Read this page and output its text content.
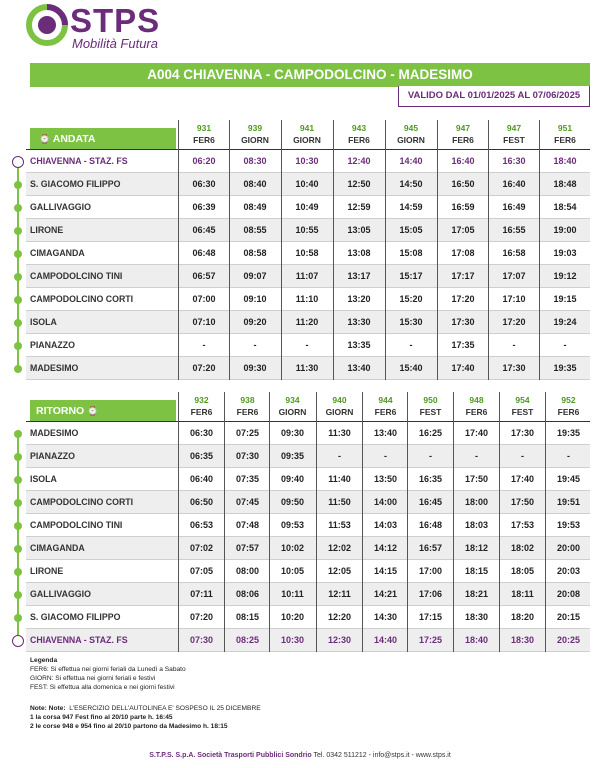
STPS
Mobilità Futura
A004 CHIAVENNA - CAMPODOLCINO - MADESIMO
VALIDO DAL 01/01/2025 AL 07/06/2025
⌚ ANDATA
931
FER6
939
GIORN
941
GIORN
943
FER6
945
GIORN
947
FER6
947
FEST
951
FER6
CHIAVENNA - STAZ. FS	06:20	08:30	10:30	12:40	14:40	16:40	16:30	18:40
S. GIACOMO FILIPPO	06:30	08:40	10:40	12:50	14:50	16:50	16:40	18:48
GALLIVAGGIO	06:39	08:49	10:49	12:59	14:59	16:59	16:49	18:54
LIRONE	06:45	08:55	10:55	13:05	15:05	17:05	16:55	19:00
CIMAGANDA	06:48	08:58	10:58	13:08	15:08	17:08	16:58	19:03
CAMPODOLCINO TINI	06:57	09:07	11:07	13:17	15:17	17:17	17:07	19:12
CAMPODOLCINO CORTI	07:00	09:10	11:10	13:20	15:20	17:20	17:10	19:15
ISOLA	07:10	09:20	11:20	13:30	15:30	17:30	17:20	19:24
PIANAZZO	-	-	-	13:35	-	17:35	-	-
MADESIMO	07:20	09:30	11:30	13:40	15:40	17:40	17:30	19:35
RITORNO ⌚
932
FER6
938
FER6
934
GIORN
940
GIORN
944
FER6
950
FEST
948
FER6
954
FEST
952
FER6
MADESIMO	06:30	07:25	09:30	11:30	13:40	16:25	17:40	17:30	19:35
PIANAZZO	06:35	07:30	09:35	-	-	-	-	-	-
ISOLA	06:40	07:35	09:40	11:40	13:50	16:35	17:50	17:40	19:45
CAMPODOLCINO CORTI	06:50	07:45	09:50	11:50	14:00	16:45	18:00	17:50	19:51
CAMPODOLCINO TINI	06:53	07:48	09:53	11:53	14:03	16:48	18:03	17:53	19:53
CIMAGANDA	07:02	07:57	10:02	12:02	14:12	16:57	18:12	18:02	20:00
LIRONE	07:05	08:00	10:05	12:05	14:15	17:00	18:15	18:05	20:03
GALLIVAGGIO	07:11	08:06	10:11	12:11	14:21	17:06	18:21	18:11	20:08
S. GIACOMO FILIPPO	07:20	08:15	10:20	12:20	14:30	17:15	18:30	18:20	20:15
CHIAVENNA - STAZ. FS	07:30	08:25	10:30	12:30	14:40	17:25	18:40	18:30	20:25
Legenda
FER6: Si effettua nei giorni feriali da Lunedì a Sabato
GIORN: Si effettua nei giorni feriali e festivi
FEST: Si effettua alla domenica e nei giorni festivi
Note: Note: L'ESERCIZIO DELL'AUTOLINEA E' SOSPESO IL 25 DICEMBRE
1 la corsa 947 Fest fino al 20/10 parte h. 16:45
2 le corse 948 e 954 fino al 20/10 partono da Madesimo h. 18:15
S.T.P.S. S.p.A. Società Trasporti Pubblici Sondrio Tel. 0342 511212 - info@stps.it - www.stps.it
